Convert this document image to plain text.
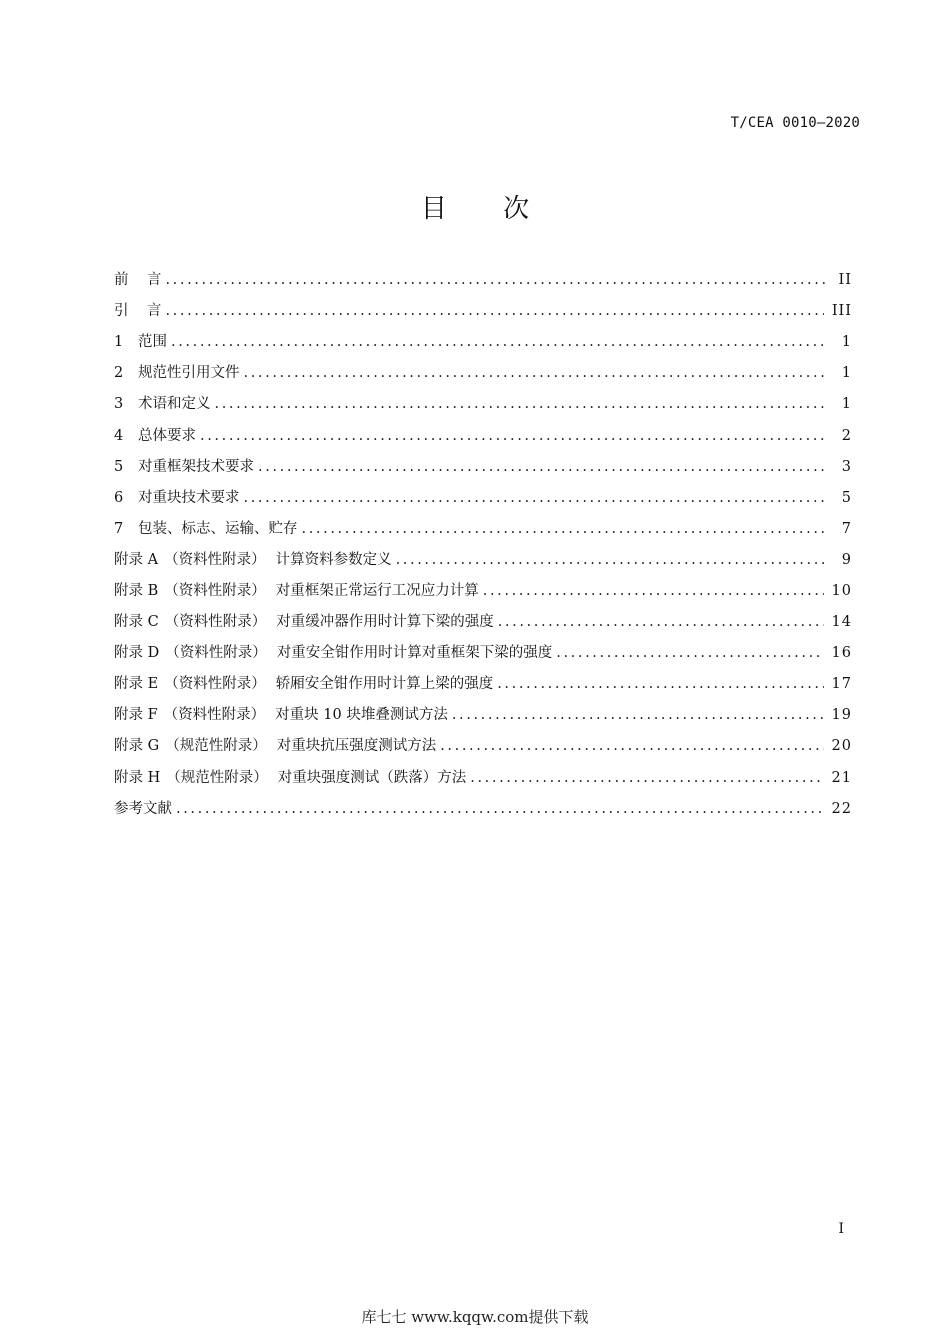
T/CEA 0010—2020
目 次
前    言 .....	II
引    言 .....	III
1 范围 .....	1
2 规范性引用文件 .....	1
3 术语和定义 .....	1
4 总体要求 .....	2
5 对重框架技术要求 .....	3
6 对重块技术要求 .....	5
7 包装、标志、运输、贮存 .....	7
附录 A （资料性附录） 计算资料参数定义 .....	9
附录 B （资料性附录） 对重框架正常运行工况应力计算 .....	10
附录 C （资料性附录） 对重缓冲器作用时计算下梁的强度 .....	14
附录 D （资料性附录） 对重安全钳作用时计算对重框架下梁的强度 .....	16
附录 E （资料性附录） 轿厢安全钳作用时计算上梁的强度 .....	17
附录 F （资料性附录） 对重块 10 块堆叠测试方法 .....	19
附录 G （规范性附录） 对重块抗压强度测试方法 .....	20
附录 H （规范性附录） 对重块强度测试（跌落）方法 .....	21
参考文献 .....	22
I
库七七 www.kqqw.com提供下载
